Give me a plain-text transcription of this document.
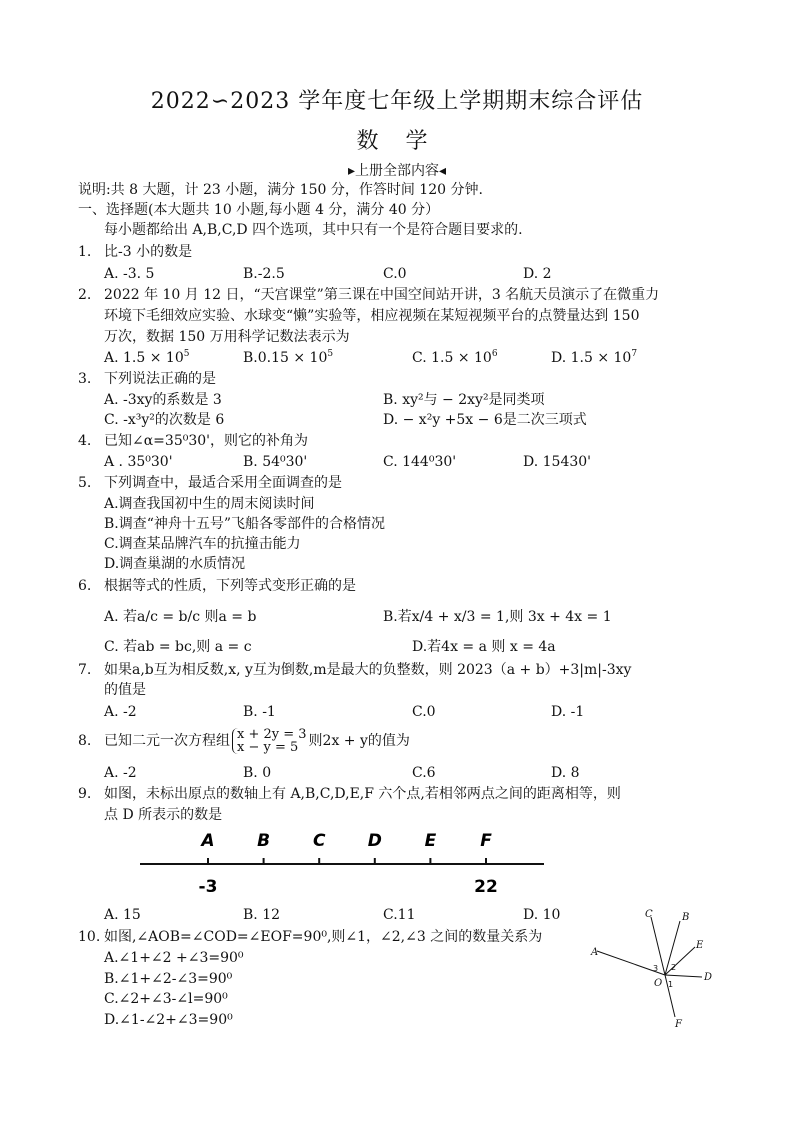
2022∽2023 学年度七年级上学期期末综合评估
数 学
▸上册全部内容◂
说明:共 8 大题，计 23 小题，满分 150 分，作答时间 120 分钟.
一、选择题(本大题共 10 小题,每小题 4 分，满分 40 分）
每小题都给出 A,B,C,D 四个选项，其中只有一个是符合题目要求的.
1. 比-3 小的数是
A. -3. 5	B.-2.5	C.0	D. 2
2. 2022 年 10 月 12 日，“天宫课堂”第三课在中国空间站开讲，3 名航天员演示了在微重力
环境下毛细效应实验、水球变“懒”实验等，相应视频在某短视频平台的点赞量达到 150
万次，数据 150 万用科学记数法表示为
A. $1.5 \times 10^5$	$B.0.15 \times 10^5$	C. $1.5 \times 10^6$	D. $1.5 \times 10^7$
3. 下列说法正确的是
A. -3xy的系数是 3	B. xy²与 − 2xy²是同类项
C. -x³y²的次数是 6	D. − x²y +5x − 6是二次三项式
4. 已知∠α=35⁰30'，则它的补角为
A . 35⁰30'	B. 54⁰30'	C. 144⁰30'	D. 15430'
5. 下列调查中，最适合采用全面调查的是
A.调查我国初中生的周末阅读时间
B.调查“神舟十五号”飞船各零部件的合格情况
C.调查某品牌汽车的抗撞击能力
D.调查巢湖的水质情况
6. 根据等式的性质，下列等式变形正确的是
A. 若a/c = b/c 则a = b	B.若x/4 + x/3 = 1,则 3x + 4x = 1
C. 若ab = bc,则 a = c	D.若4x = a 则 x = 4a
7. 如果a,b互为相反数,x, y互为倒数,m是最大的负整数，则 2023（a + b）+3|m|-3xy
的值是
A. -2	B. -1	C.0	D. -1
8. 已知二元一次方程组 x + 2y = 3
x − y = 5 则2x + y的值为
A. -2	B. 0	C.6	D. 8
9. 如图，未标出原点的数轴上有 A,B,C,D,E,F 六个点,若相邻两点之间的距离相等，则
点 D 所表示的数是
A	B	C D	E	F
-3	22
A. 15	B. 12	C.11	D. 10
10. 如图,∠AOB=∠COD=∠EOF=90⁰,则∠1，∠2,∠3 之间的数量关系为
A.∠1+∠2 +∠3=90⁰
B.∠1+∠2-∠3=90⁰
C.∠2+∠3-∠l=90⁰
D.∠1-∠2+∠3=90⁰
C	B
A
E
D
F
O 1
2
3
